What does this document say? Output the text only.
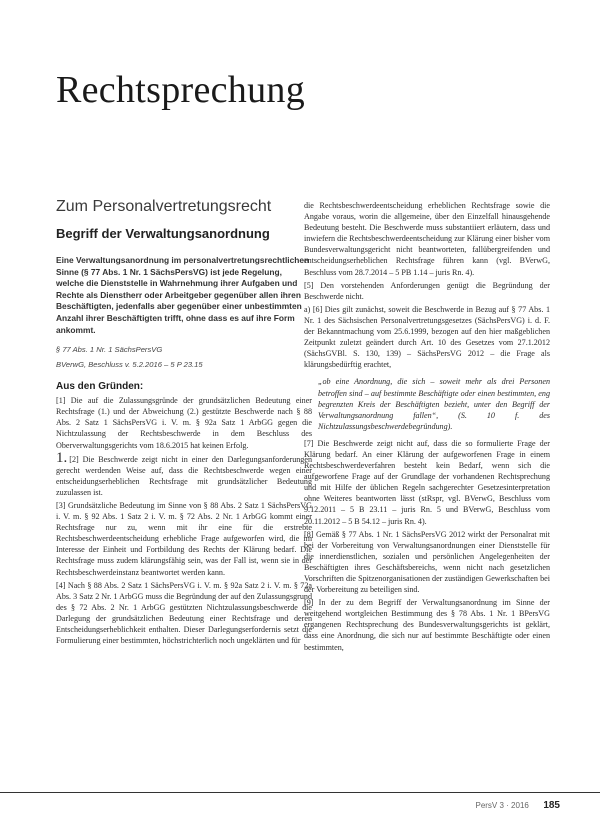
Rechtsprechung
Zum Personalvertretungsrecht
Begriff der Verwaltungsanordnung

Eine Verwaltungsanordnung im personalvertretungsrechtlichen Sinne (§ 77 Abs. 1 Nr. 1 SächsPersVG) ist jede Regelung, welche die Dienststelle in Wahrnehmung ihrer Aufgaben und Rechte als Dienstherr oder Arbeitgeber gegenüber allen ihren Beschäftigten, jedenfalls aber gegenüber einer unbestimmten Anzahl ihrer Beschäftigten trifft, ohne dass es auf ihre Form ankommt.

§ 77 Abs. 1 Nr. 1 SächsPersVG

BVerwG, Beschluss v. 5.2.2016 – 5 P 23.15

Aus den Gründen:

[1] Die auf die Zulassungsgründe der grundsätzlichen Bedeutung einer Rechtsfrage (1.) und der Abweichung (2.) gestützte Beschwerde nach § 88 Abs. 2 Satz 1 SächsPersVG i. V. m. § 92a Satz 1 ArbGG gegen die Nichtzulassung der Rechtsbeschwerde in dem Beschluss des Oberverwaltungsgerichts vom 18.6.2015 hat keinen Erfolg.

1. [2] Die Beschwerde zeigt nicht in einer den Darlegungsanforderungen gerecht werdenden Weise auf, dass die Rechtsbeschwerde wegen einer entscheidungserheblichen Rechtsfrage mit grundsätzlicher Bedeutung zuzulassen ist.

[3] Grundsätzliche Bedeutung im Sinne von § 88 Abs. 2 Satz 1 SächsPersVG i. V. m. § 92 Abs. 1 Satz 2 i. V. m. § 72 Abs. 2 Nr. 1 ArbGG kommt einer Rechtsfrage nur zu, wenn mit ihr eine für die erstrebte Rechtsbeschwerdeentscheidung erhebliche Frage aufgeworfen wird, die im Interesse der Einheit und Fortbildung des Rechts der Klärung bedarf. Die Rechtsfrage muss zudem klärungsfähig sein, was der Fall ist, wenn sie in der Rechtsbeschwerdeinstanz beantwortet werden kann.

[4] Nach § 88 Abs. 2 Satz 1 SächsPersVG i. V. m. § 92a Satz 2 i. V. m. § 72a Abs. 3 Satz 2 Nr. 1 ArbGG muss die Begründung der auf den Zulassungsgrund des § 72 Abs. 2 Nr. 1 ArbGG gestützten Nichtzulassungsbeschwerde die Darlegung der grundsätzlichen Bedeutung einer Rechtsfrage und deren Entscheidungserheblichkeit enthalten. Dieser Darlegungserfordernis setzt die Formulierung einer bestimmten, höchstrichterlich noch ungeklärten und für

die Rechtsbeschwerdeentscheidung erheblichen Rechtsfrage sowie die Angabe voraus, worin die allgemeine, über den Einzelfall hinausgehende Bedeutung besteht. Die Beschwerde muss substantiiert erläutern, dass und inwiefern die Rechtsbeschwerdeentscheidung zur Klärung einer bisher vom Bundesverwaltungsgericht nicht beantworteten, fallübergreifenden und entscheidungserheblichen Rechtsfrage führen kann (vgl. BVerwG, Beschluss vom 28.7.2014 – 5 PB 1.14 – juris Rn. 4).

[5] Den vorstehenden Anforderungen genügt die Begründung der Beschwerde nicht.

a) [6] Dies gilt zunächst, soweit die Beschwerde in Bezug auf § 77 Abs. 1 Nr. 1 des Sächsischen Personalvertretungsgesetzes (SächsPersVG) i. d. F. der Bekanntmachung vom 25.6.1999, bezogen auf den hier maßgeblichen Zeitpunkt zuletzt geändert durch Art. 10 des Gesetzes vom 27.1.2012 (SächsGVBl. S. 130, 139) – SächsPersVG 2012 – die Frage als klärungsbedürftig erachtet,

„ob eine Anordnung, die sich – soweit mehr als drei Personen betroffen sind – auf bestimmte Beschäftigte oder einen bestimmten, eng begrenzten Kreis der Beschäftigten bezieht, unter den Begriff der Verwaltungsanordnung fallen“, (S. 10 f. des Nichtzulassungsbeschwerdebegründung).

[7] Die Beschwerde zeigt nicht auf, dass die so formulierte Frage der Klärung bedarf. An einer Klärung der aufgeworfenen Frage in einem Rechtsbeschwerdeverfahren besteht kein Bedarf, wenn sich die aufgeworfene Frage auf der Grundlage der vorhandenen Rechtsprechung und mit Hilfe der üblichen Regeln sachgerechter Gesetzesinterpretation ohne Weiteres beantworten lässt (stRspr, vgl. BVerwG, Beschluss vom 9.12.2011 – 5 B 23.11 – juris Rn. 5 und BVerwG, Beschluss vom 20.11.2012 – 5 B 54.12 – juris Rn. 4).

[8] Gemäß § 77 Abs. 1 Nr. 1 SächsPersVG 2012 wirkt der Personalrat mit bei der Vorbereitung von Verwaltungsanordnungen einer Dienststelle für die innerdienstlichen, sozialen und persönlichen Angelegenheiten der Beschäftigten ihres Geschäftsbereichs, wenn nicht nach gesetzlichen Vorschriften die Spitzenorganisationen der zuständigen Gewerkschaften bei der Vorbereitung zu beteiligen sind.

[9] In der zu dem Begriff der Verwaltungsanordnung im Sinne der weitgehend wortgleichen Bestimmung des § 78 Abs. 1 Nr. 1 BPersVG ergangenen Rechtsprechung des Bundesverwaltungsgerichts ist geklärt, dass eine Anordnung, die sich nur auf bestimmte Beschäftigte oder einen bestimmten,

PersV 3 · 2016 185
